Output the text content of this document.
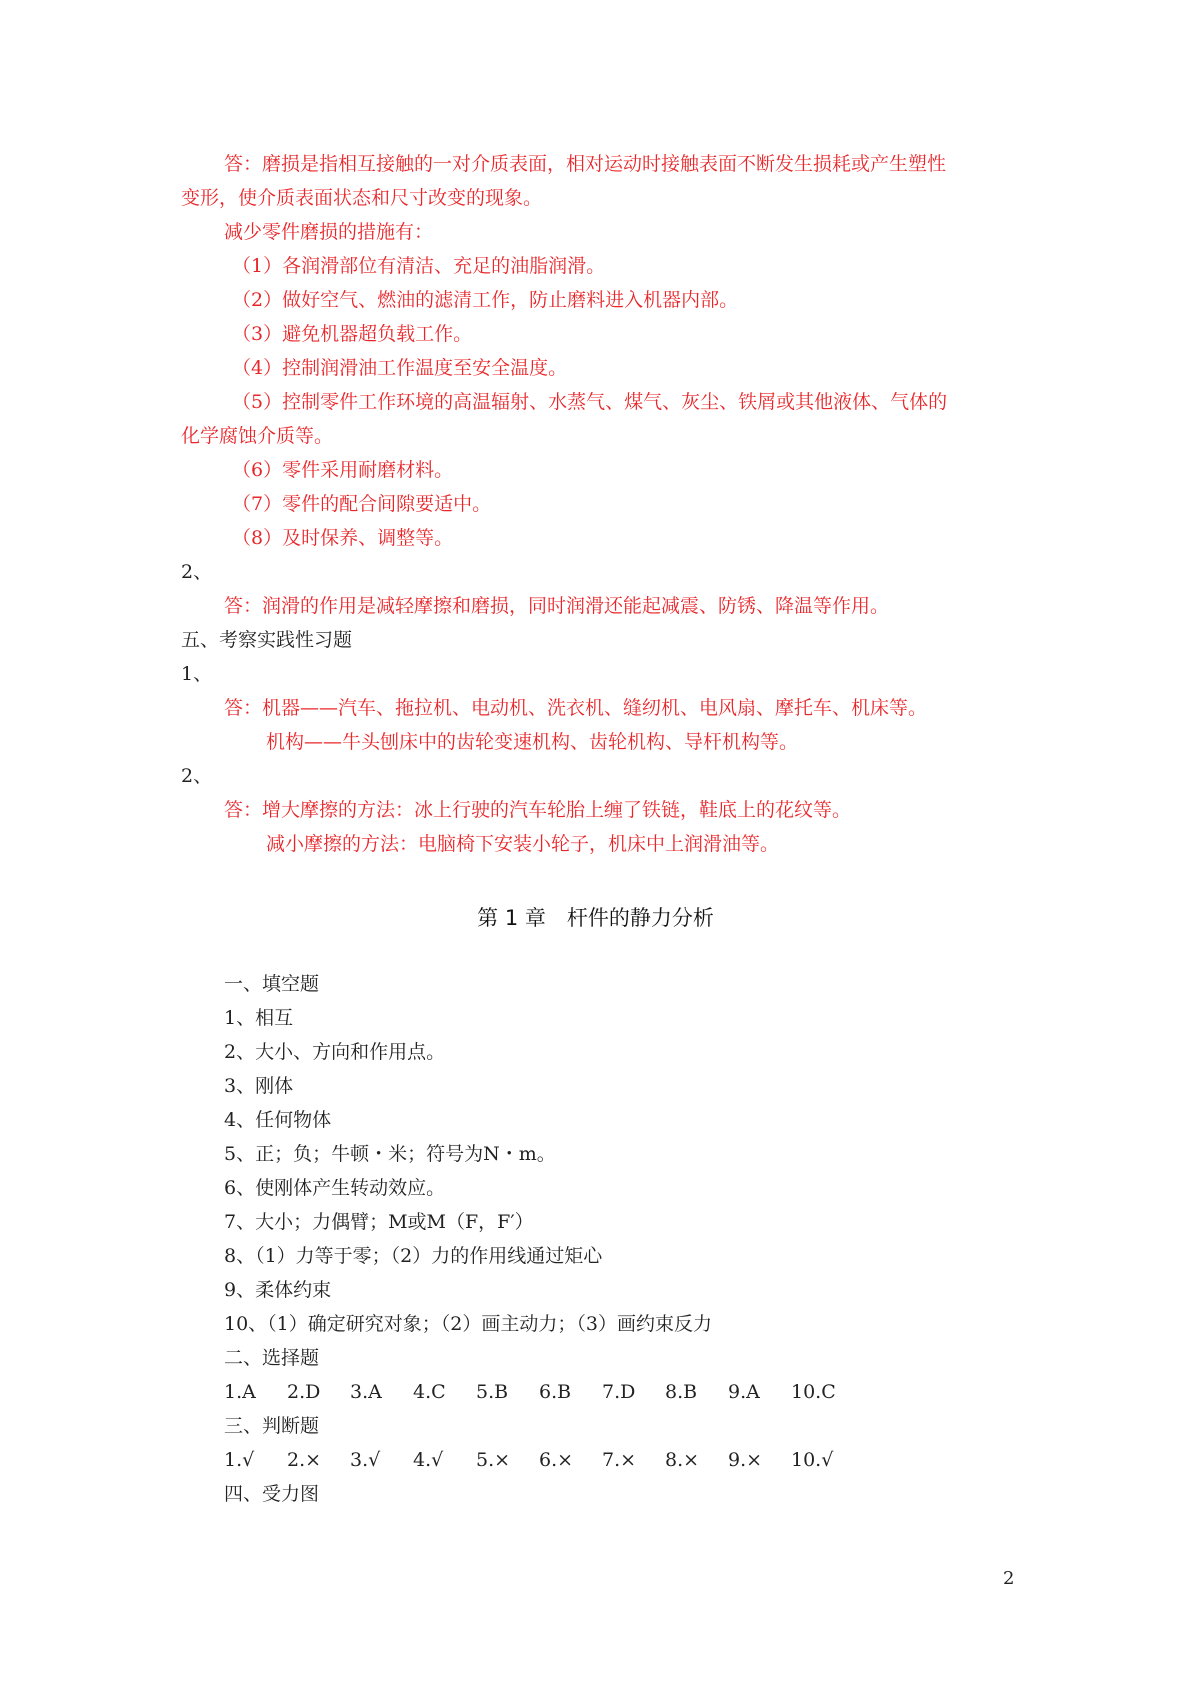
答：磨损是指相互接触的一对介质表面，相对运动时接触表面不断发生损耗或产生塑性
变形，使介质表面状态和尺寸改变的现象。
减少零件磨损的措施有：
（1）各润滑部位有清洁、充足的油脂润滑。
（2）做好空气、燃油的滤清工作，防止磨料进入机器内部。
（3）避免机器超负载工作。
（4）控制润滑油工作温度至安全温度。
（5）控制零件工作环境的高温辐射、水蒸气、煤气、灰尘、铁屑或其他液体、气体的
化学腐蚀介质等。
（6）零件采用耐磨材料。
（7）零件的配合间隙要适中。
（8）及时保养、调整等。
2、
答：润滑的作用是减轻摩擦和磨损，同时润滑还能起减震、防锈、降温等作用。
五、考察实践性习题
1、
答：机器——汽车、拖拉机、电动机、洗衣机、缝纫机、电风扇、摩托车、机床等。
机构——牛头刨床中的齿轮变速机构、齿轮机构、导杆机构等。
2、
答：增大摩擦的方法：冰上行驶的汽车轮胎上缠了铁链，鞋底上的花纹等。
减小摩擦的方法：电脑椅下安装小轮子，机床中上润滑油等。
第 1 章　杆件的静力分析
一、填空题
1、相互
2、大小、方向和作用点。
3、刚体
4、任何物体
5、正；负；牛顿・米；符号为N・m。
6、使刚体产生转动效应。
7、大小；力偶臂；M或M（F，F′）
8、（1）力等于零；（2）力的作用线通过矩心
9、柔体约束
10、（1）确定研究对象；（2）画主动力；（3）画约束反力
二、选择题
1.A 2.D 3.A 4.C 5.B 6.B 7.D 8.B 9.A 10.C
三、判断题
1.√ 2.× 3.√ 4.√ 5.× 6.× 7.× 8.× 9.× 10.√
四、受力图
2
